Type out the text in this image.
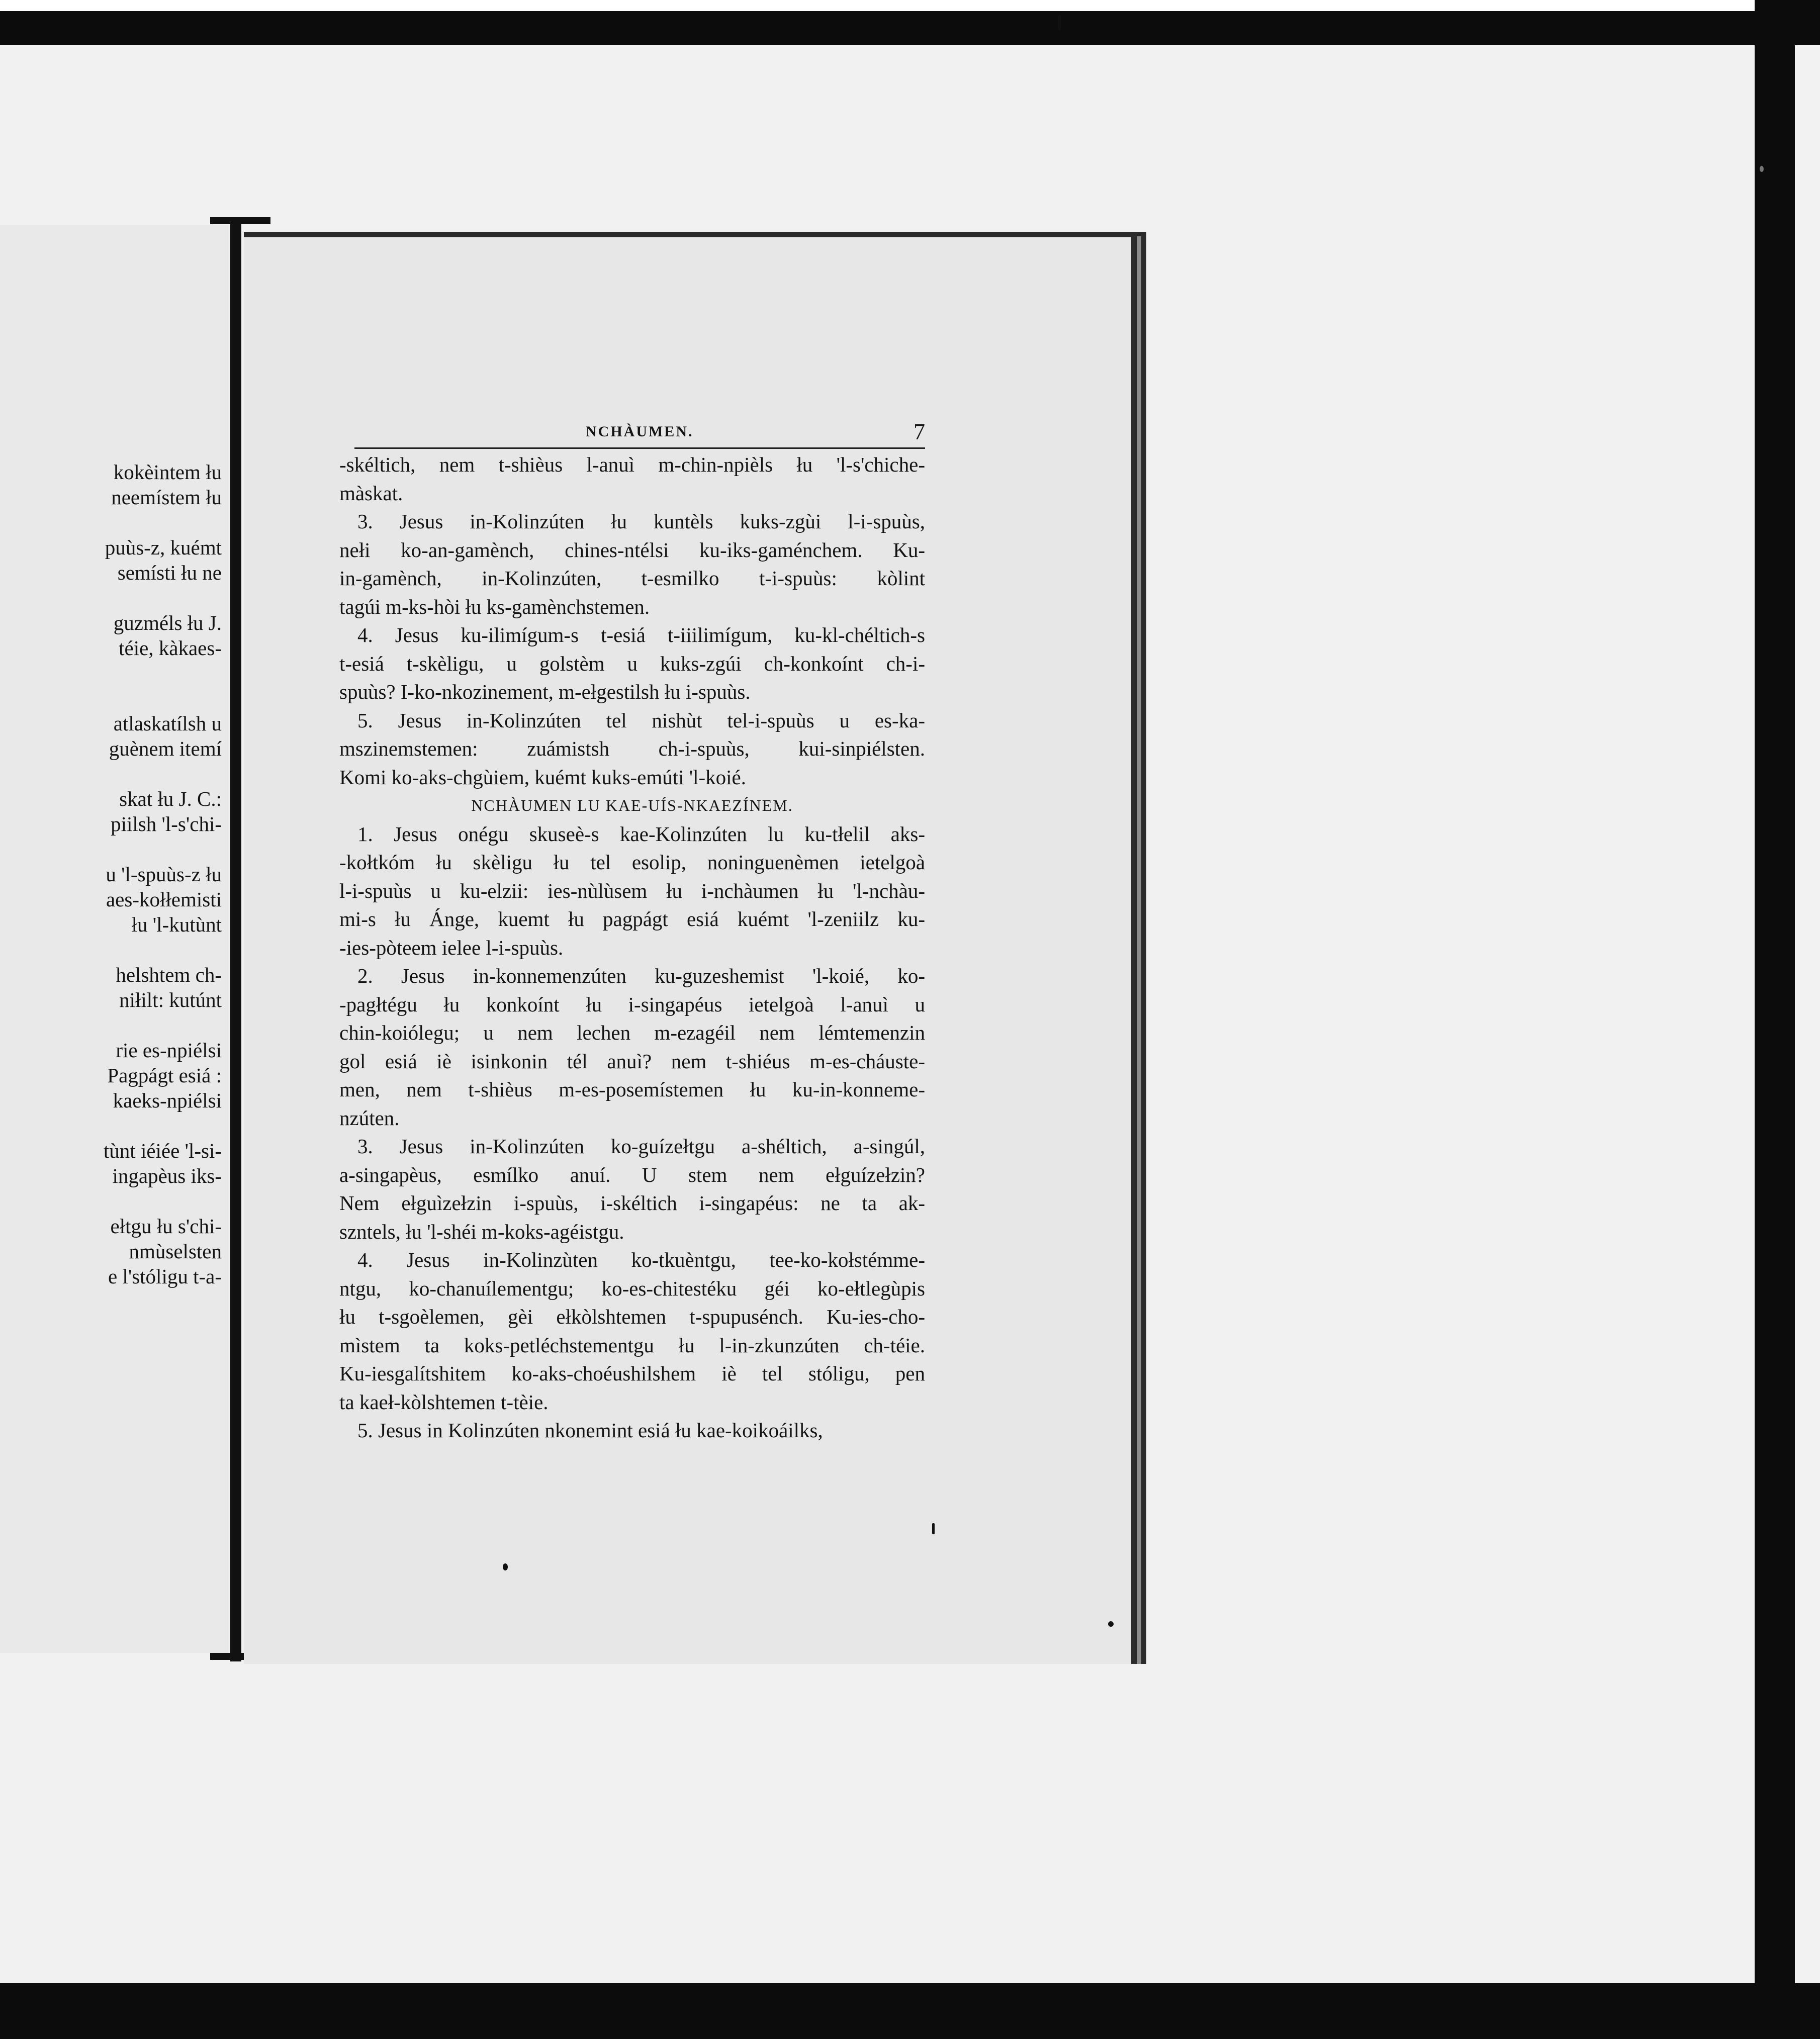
kokèintem łu
neemístem łu
puùs-z, kuémt
semísti łu ne
guzméls łu J.
téie, kàkaes-
atlaskatílsh u
guènem itemí
skat łu J. C.:
piilsh 'l-s'chi-
u 'l-spuùs-z łu
aes-kołłemisti
łu 'l-kutùnt
helshtem ch-
niłilt: kutúnt
rie es-npiélsi
Pagpágt esiá :
kaeks-npiélsi
tùnt iéiée 'l-si-
ingapèus iks-
ełtgu łu s'chi-
nmùselsten
e l'stóligu t-a-
NCHÀUMEN.	7
-skéltich, nem t-shièus l-anuì m-chin-npièls łu 'l-s'chiche-
màskat.
3. Jesus in-Kolinzúten łu kuntèls kuks-zgùi l-i-spuùs,
nełi ko-an-gamènch, chines-ntélsi ku-iks-gaménchem. Ku-
in-gamènch, in-Kolinzúten, t-esmilko t-i-spuùs: kòlint
tagúi m-ks-hòi łu ks-gamènchstemen.
4. Jesus ku-ilimígum-s t-esiá t-iiilimígum, ku-kl-chéltich-s
t-esiá t-skèligu, u golstèm u kuks-zgúi ch-konkoínt ch-i-
spuùs? I-ko-nkozinement, m-ełgestilsh łu i-spuùs.
5. Jesus in-Kolinzúten tel nishùt tel-i-spuùs u es-ka-
mszinemstemen: zuámistsh ch-i-spuùs, kui-sinpiélsten.
Komi ko-aks-chgùiem, kuémt kuks-emúti 'l-koié.
NCHÀUMEN LU KAE-UÍS-NKAEZÍNEM.
1. Jesus onégu skuseè-s kae-Kolinzúten lu ku-tłelil aks-
-kołtkóm łu skèligu łu tel esolip, noninguenèmen ietelgoà
l-i-spuùs u ku-elzii: ies-nùlùsem łu i-nchàumen łu 'l-nchàu-
mi-s łu Ánge, kuemt łu pagpágt esiá kuémt 'l-zeniilz ku-
-ies-pòteem ielee l-i-spuùs.
2. Jesus in-konnemenzúten ku-guzeshemist 'l-koié, ko-
-pagłtégu łu konkoínt łu i-singapéus ietelgoà l-anuì u
chin-koiólegu; u nem lechen m-ezagéil nem lémtemenzin
gol esiá iè isinkonin tél anuì? nem t-shiéus m-es-cháuste-
men, nem t-shièus m-es-posemístemen łu ku-in-konneme-
nzúten.
3. Jesus in-Kolinzúten ko-guízełtgu a-shéltich, a-singúl,
a-singapèus, esmílko anuí. U stem nem ełguízełzin?
Nem ełguìzełzin i-spuùs, i-skéltich i-singapéus: ne ta ak-
szntels, łu 'l-shéi m-koks-agéistgu.
4. Jesus in-Kolinzùten ko-tkuèntgu, tee-ko-kołstémme-
ntgu, ko-chanuílementgu; ko-es-chitestéku géi ko-ełtlegùpis
łu t-sgoèlemen, gèi ełkòlshtemen t-spupusénch. Ku-ies-cho-
mìstem ta koks-petléchstementgu łu l-in-zkunzúten ch-téie.
Ku-iesgalítshitem ko-aks-choéushilshem iè tel stóligu, pen
ta kaeł-kòlshtemen t-tèie.
5. Jesus in Kolinzúten nkonemint esiá łu kae-koikoáilks,
